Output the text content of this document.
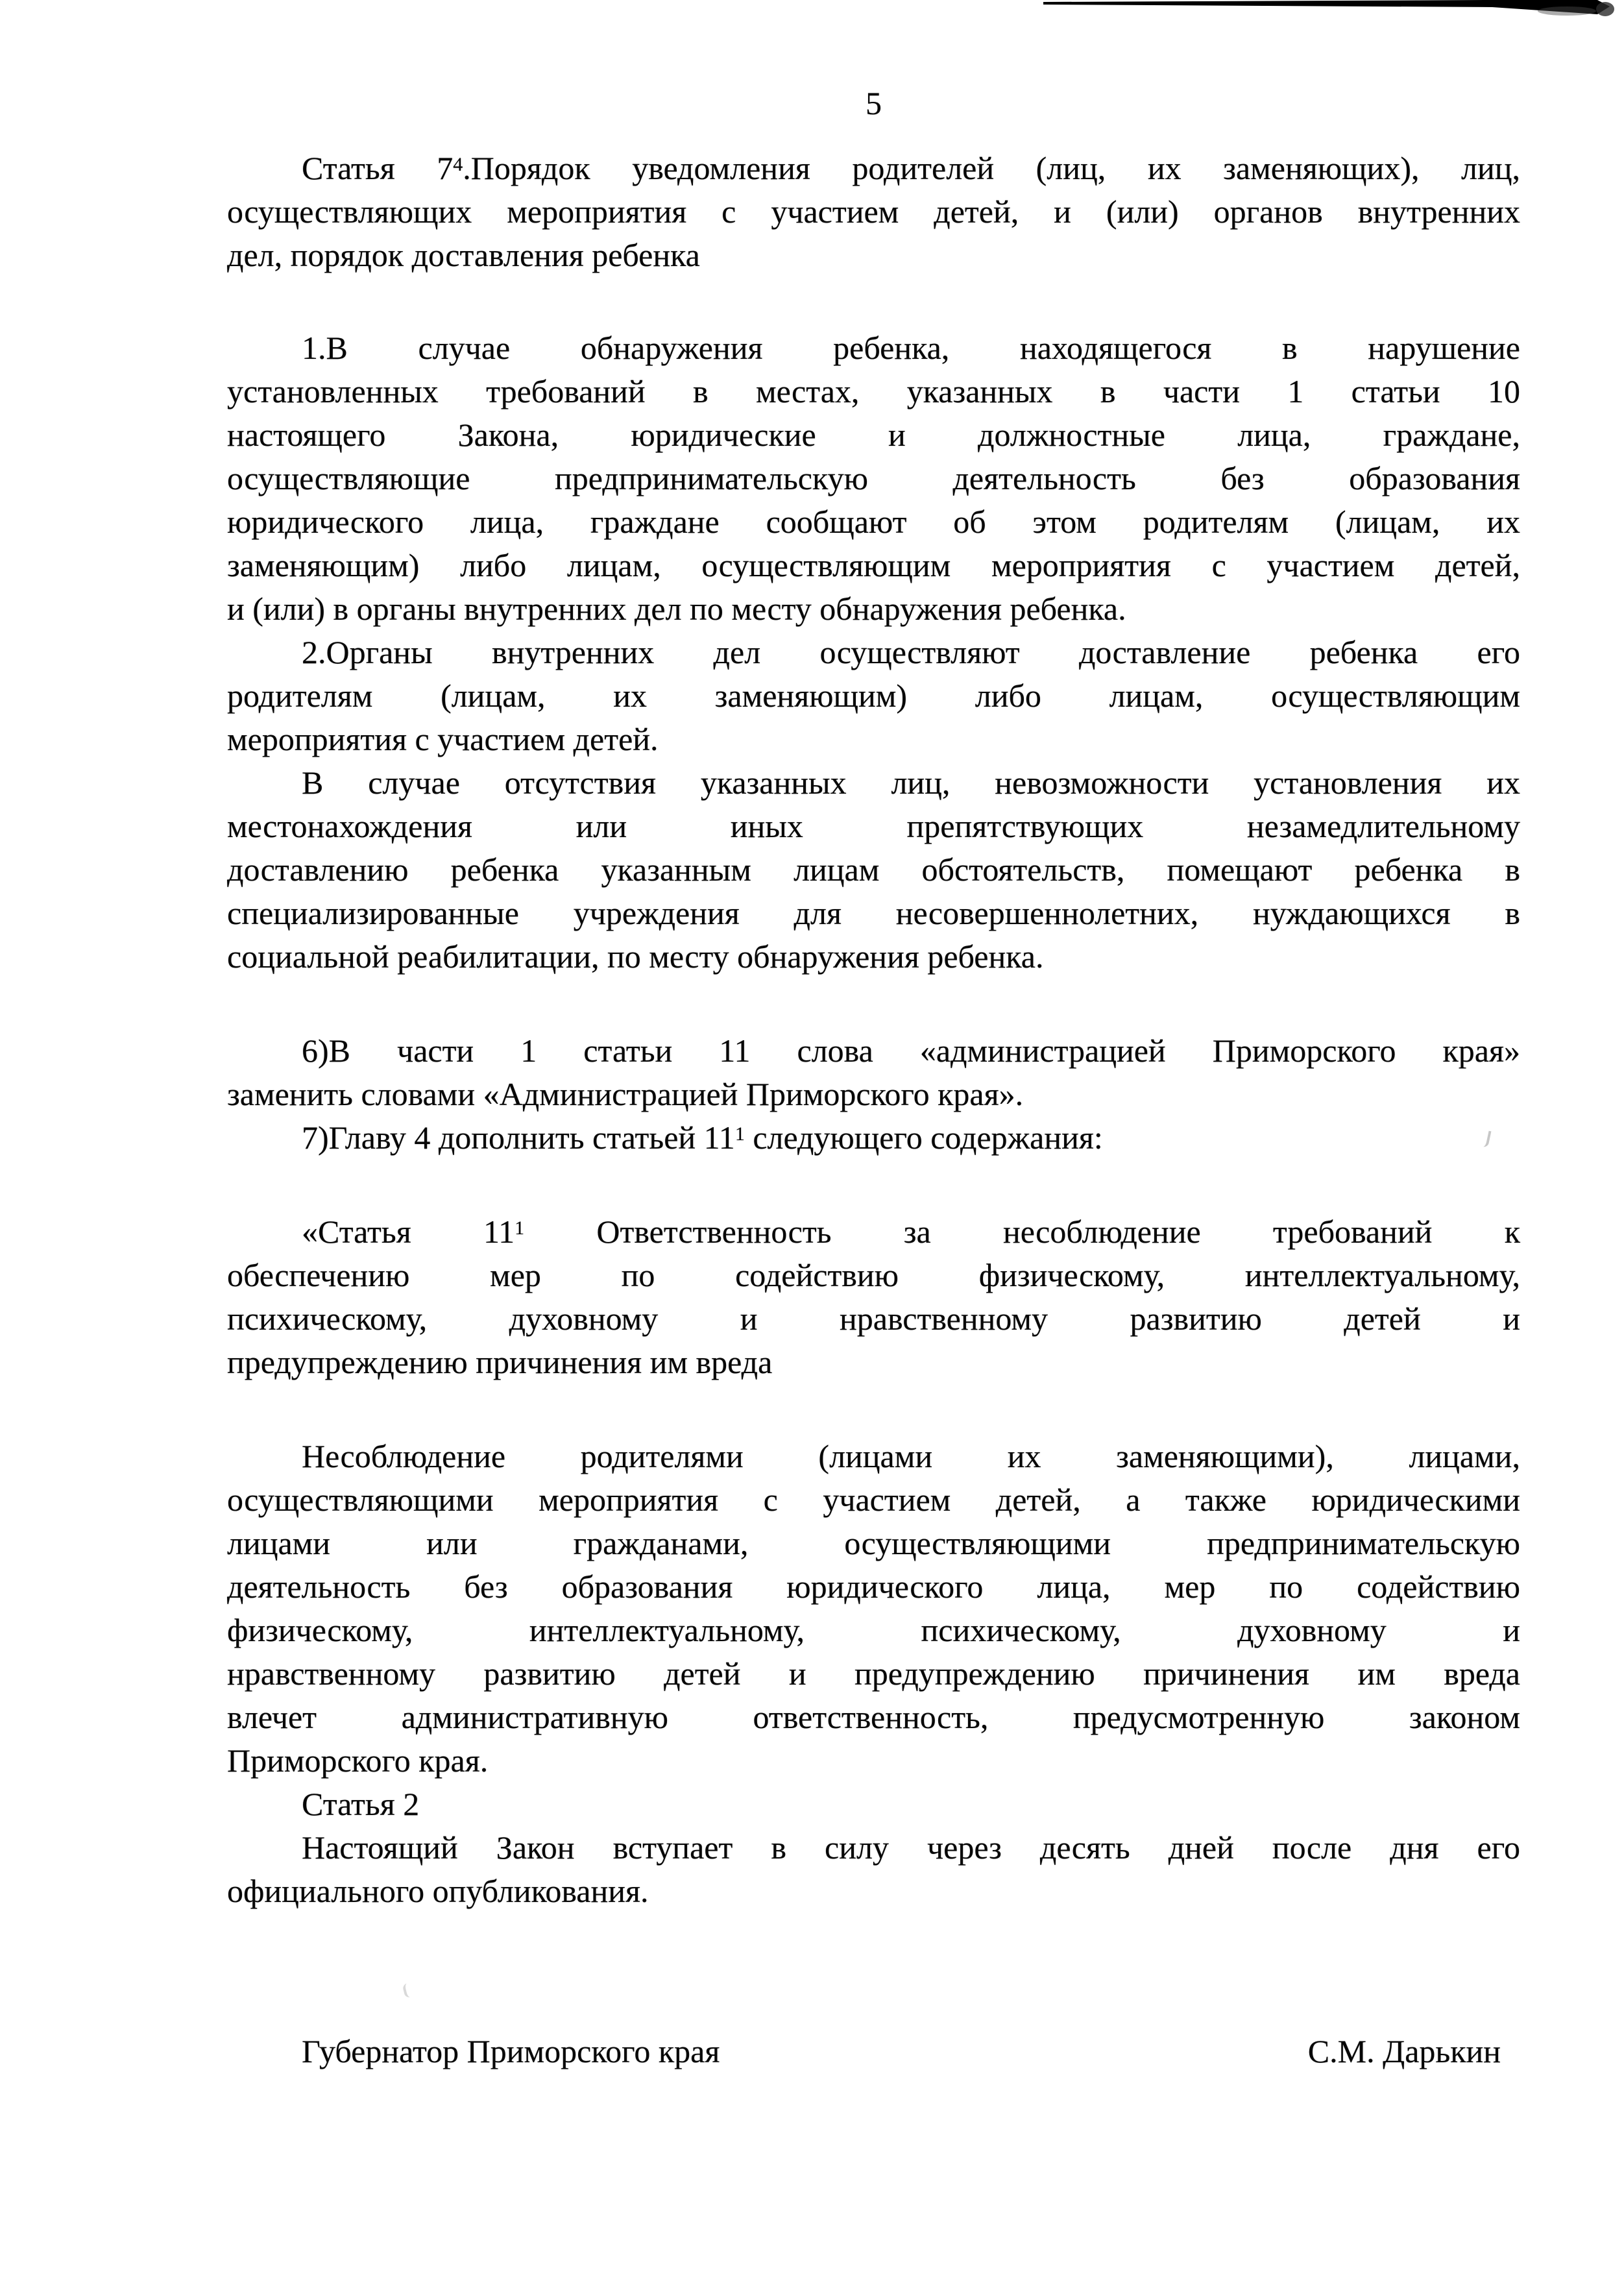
5
Статья $7^4.Порядок$ уведомления родителей (лиц, их заменяющих), лиц,
осуществляющих мероприятия с участием детей, и (или) органов внутренних
дел, порядок доставления ребенка
1.В случае обнаружения ребенка, находящегося в нарушение
установленных требований в местах, указанных в части 1 статьи 10
настоящего Закона, юридические и должностные лица, граждане,
осуществляющие предпринимательскую деятельность без образования
юридического лица, граждане сообщают об этом родителям (лицам, их
заменяющим) либо лицам, осуществляющим мероприятия с участием детей,
и (или) в органы внутренних дел по месту обнаружения ребенка.
2.Органы внутренних дел осуществляют доставление ребенка его
родителям (лицам, их заменяющим) либо лицам, осуществляющим
мероприятия с участием детей.
В случае отсутствия указанных лиц, невозможности установления их
местонахождения или иных препятствующих незамедлительному
доставлению ребенка указанным лицам обстоятельств, помещают ребенка в
специализированные учреждения для несовершеннолетних, нуждающихся в
социальной реабилитации, по месту обнаружения ребенка.
6)В части 1 статьи 11 слова «администрацией Приморского края»
заменить словами «Администрацией Приморского края».
7)Главу 4 дополнить статьей $11^1$ следующего содержания:
«Статья $11^1$ Ответственность за несоблюдение требований к
обеспечению мер по содействию физическому, интеллектуальному,
психическому, духовному и нравственному развитию детей и
предупреждению причинения им вреда
Несоблюдение родителями (лицами их заменяющими), лицами,
осуществляющими мероприятия с участием детей, а также юридическими
лицами или гражданами, осуществляющими предпринимательскую
деятельность без образования юридического лица, мер по содействию
физическому, интеллектуальному, психическому, духовному и
нравственному развитию детей и предупреждению причинения им вреда
влечет административную ответственность, предусмотренную законом
Приморского края.
Статья 2
Настоящий Закон вступает в силу через десять дней после дня его
официального опубликования.
Губернатор Приморского края	С.М. Дарькин
